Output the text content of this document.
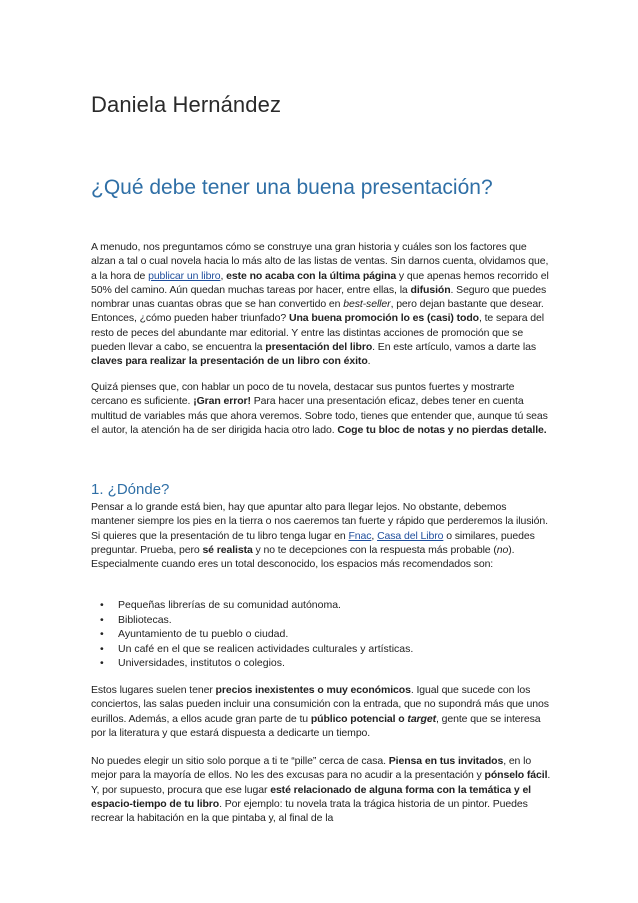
Daniela Hernández
¿Qué debe tener una buena presentación?

A menudo, nos preguntamos cómo se construye una gran historia y cuáles son los factores que alzan a tal o cual novela hacia lo más alto de las listas de ventas. Sin darnos cuenta, olvidamos que, a la hora de publicar un libro, este no acaba con la última página y que apenas hemos recorrido el 50% del camino. Aún quedan muchas tareas por hacer, entre ellas, la difusión. Seguro que puedes nombrar unas cuantas obras que se han convertido en best-seller, pero dejan bastante que desear. Entonces, ¿cómo pueden haber triunfado? Una buena promoción lo es (casi) todo, te separa del resto de peces del abundante mar editorial. Y entre las distintas acciones de promoción que se pueden llevar a cabo, se encuentra la presentación del libro. En este artículo, vamos a darte las claves para realizar la presentación de un libro con éxito.

Quizá pienses que, con hablar un poco de tu novela, destacar sus puntos fuertes y mostrarte cercano es suficiente. ¡Gran error! Para hacer una presentación eficaz, debes tener en cuenta multitud de variables más que ahora veremos. Sobre todo, tienes que entender que, aunque tú seas el autor, la atención ha de ser dirigida hacia otro lado. Coge tu bloc de notas y no pierdas detalle.

1. ¿Dónde?

Pensar a lo grande está bien, hay que apuntar alto para llegar lejos. No obstante, debemos mantener siempre los pies en la tierra o nos caeremos tan fuerte y rápido que perderemos la ilusión. Si quieres que la presentación de tu libro tenga lugar en Fnac, Casa del Libro o similares, puedes preguntar. Prueba, pero sé realista y no te decepciones con la respuesta más probable (no). Especialmente cuando eres un total desconocido, los espacios más recomendados son:

• Pequeñas librerías de su comunidad autónoma.
• Bibliotecas.
• Ayuntamiento de tu pueblo o ciudad.
• Un café en el que se realicen actividades culturales y artísticas.
• Universidades, institutos o colegios.

Estos lugares suelen tener precios inexistentes o muy económicos. Igual que sucede con los conciertos, las salas pueden incluir una consumición con la entrada, que no supondrá más que unos eurillos. Además, a ellos acude gran parte de tu público potencial o target, gente que se interesa por la literatura y que estará dispuesta a dedicarte un tiempo.

No puedes elegir un sitio solo porque a ti te “pille” cerca de casa. Piensa en tus invitados, en lo mejor para la mayoría de ellos. No les des excusas para no acudir a la presentación y pónselo fácil. Y, por supuesto, procura que ese lugar esté relacionado de alguna forma con la temática y el espacio-tiempo de tu libro. Por ejemplo: tu novela trata la trágica historia de un pintor. Puedes recrear la habitación en la que pintaba y, al final de la
